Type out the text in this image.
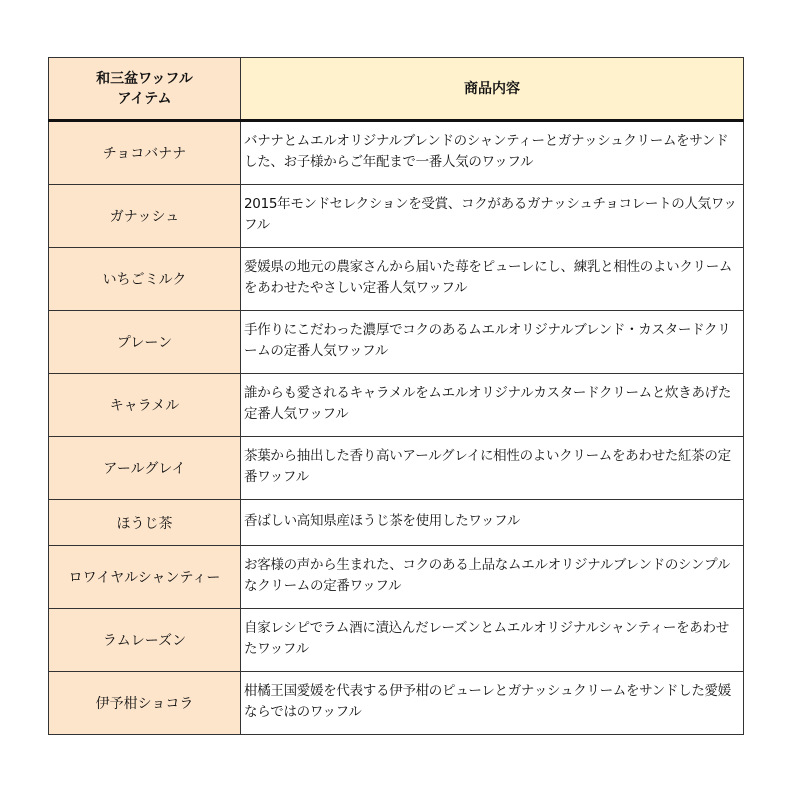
和三盆ワッフル
アイテム	商品内容
チョコバナナ	バナナとムエルオリジナルブレンドのシャンティーとガナッシュクリームをサンドした、お子様からご年配まで一番人気のワッフル
ガナッシュ	2015年モンドセレクションを受賞、コクがあるガナッシュチョコレートの人気ワッフル
いちごミルク	愛媛県の地元の農家さんから届いた苺をピューレにし、練乳と相性のよいクリームをあわせたやさしい定番人気ワッフル
プレーン	手作りにこだわった濃厚でコクのあるムエルオリジナルブレンド・カスタードクリームの定番人気ワッフル
キャラメル	誰からも愛されるキャラメルをムエルオリジナルカスタードクリームと炊きあげた定番人気ワッフル
アールグレイ	茶葉から抽出した香り高いアールグレイに相性のよいクリームをあわせた紅茶の定番ワッフル
ほうじ茶	香ばしい高知県産ほうじ茶を使用したワッフル
ロワイヤルシャンティー	お客様の声から生まれた、コクのある上品なムエルオリジナルブレンドのシンプルなクリームの定番ワッフル
ラムレーズン	自家レシピでラム酒に漬込んだレーズンとムエルオリジナルシャンティーをあわせたワッフル
伊予柑ショコラ	柑橘王国愛媛を代表する伊予柑のピューレとガナッシュクリームをサンドした愛媛ならではのワッフル
